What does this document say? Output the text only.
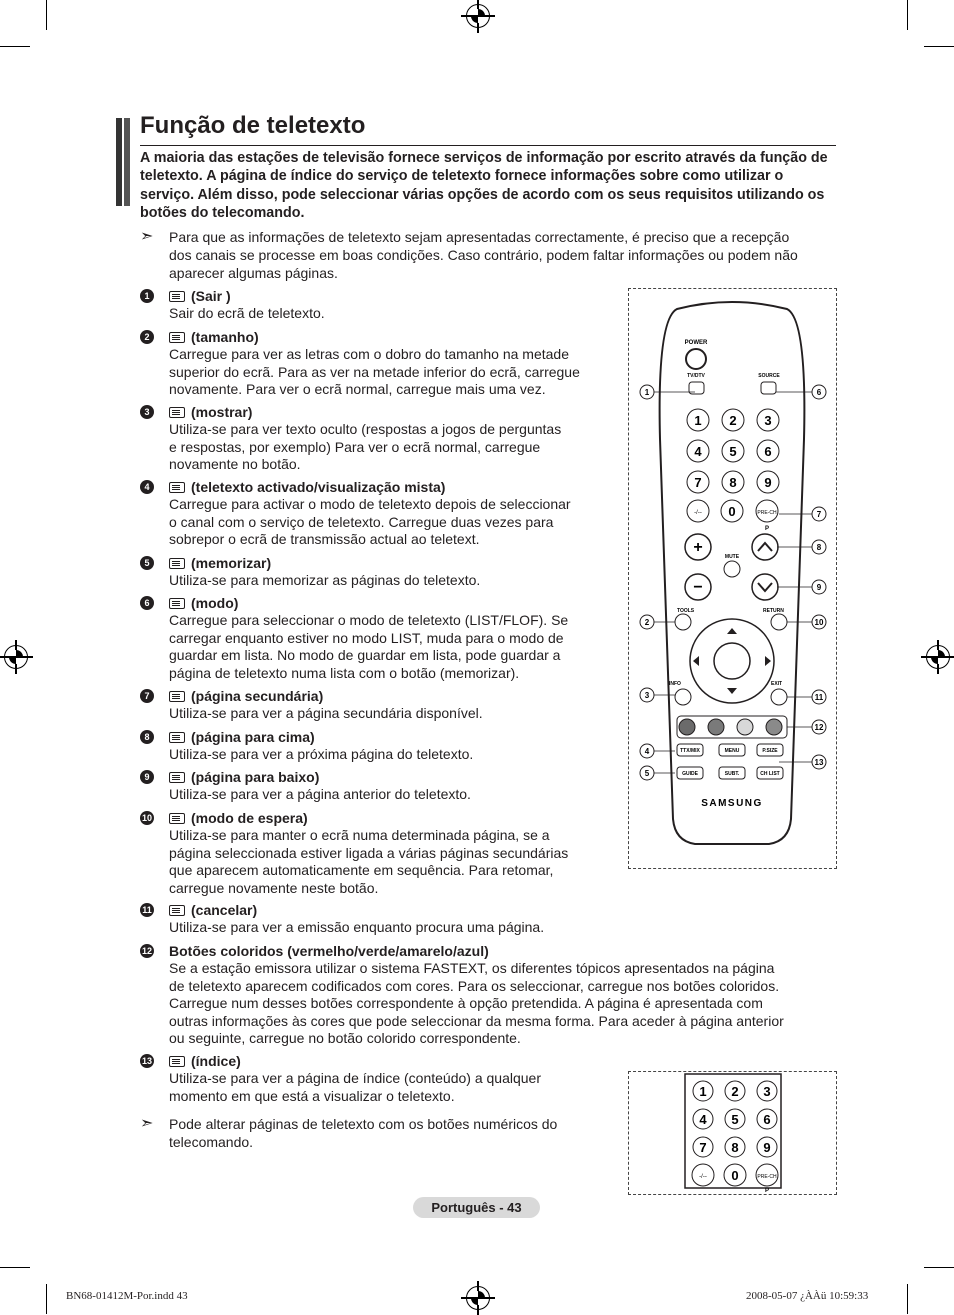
Função de teletexto
A maioria das estações de televisão fornece serviços de informação por escrito através da função de teletexto. A página de índice do serviço de teletexto fornece informações sobre como utilizar o serviço. Além disso, pode seleccionar várias opções de acordo com os seus requisitos utilizando os botões do telecomando.
➣ Para que as informações de teletexto sejam apresentadas correctamente, é preciso que a recepção
dos canais se processe em boas condições. Caso contrário, podem faltar informações ou podem não
aparecer algumas páginas.
1	(Sair )
Sair do ecrã de teletexto.
2	(tamanho)
Carregue para ver as letras com o dobro do tamanho na metade
superior do ecrã. Para as ver na metade inferior do ecrã, carregue
novamente. Para ver o ecrã normal, carregue mais uma vez.
3	(mostrar)
Utiliza-se para ver texto oculto (respostas a jogos de perguntas
e respostas, por exemplo) Para ver o ecrã normal, carregue
novamente no botão.
4	(teletexto activado/visualização mista)
Carregue para activar o modo de teletexto depois de seleccionar
o canal com o serviço de teletexto. Carregue duas vezes para
sobrepor o ecrã de transmissão actual ao teletext.
5	(memorizar)
Utiliza-se para memorizar as páginas do teletexto.
6	(modo)
Carregue para seleccionar o modo de teletexto (LIST/FLOF). Se
carregar enquanto estiver no modo LIST, muda para o modo de
guardar em lista. No modo de guardar em lista, pode guardar a
página de teletexto numa lista com o botão (memorizar).
7	(página secundária)
Utiliza-se para ver a página secundária disponível.
8	(página para cima)
Utiliza-se para ver a próxima página do teletexto.
9	(página para baixo)
Utiliza-se para ver a página anterior do teletexto.
10	(modo de espera)
Utiliza-se para manter o ecrã numa determinada página, se a
página seleccionada estiver ligada a várias páginas secundárias
que aparecem automaticamente em sequência. Para retomar,
carregue novamente neste botão.
11	(cancelar)
Utiliza-se para ver a emissão enquanto procura uma página.
12 Botões coloridos (vermelho/verde/amarelo/azul)
Se a estação emissora utilizar o sistema FASTEXT, os diferentes tópicos apresentados na página
de teletexto aparecem codificados com cores. Para os seleccionar, carregue nos botões coloridos.
Carregue num desses botões correspondente à opção pretendida. A página é apresentada com
outras informações às cores que pode seleccionar da mesma forma. Para aceder à página anterior
ou seguinte, carregue no botão colorido correspondente.
13	(índice)
Utiliza-se para ver a página de índice (conteúdo) a qualquer
momento em que está a visualizar o teletexto.
➣ Pode alterar páginas de teletexto com os botões numéricos do
telecomando.
POWER
TV/DTV	SOURCE
1 2 3
4 5 6
7 8 9
-/-- 0	PRE-CH
P
+
−
MUTE
TOOLS	RETURN
INFO	EXIT
TTX/MIX	MENU	P.SIZE
GUIDE	SUBT.	CH LIST
SAMSUNG
1
2
3
4
5
6
7
8
9
10
11
12
13
1 2 3
4 5 6
7 8 9
-/-- 0	PRE-CH
P
Português - 43
BN68-01412M-Por.indd 43	2008-05-07 ¿ÀÀü 10:59:33
